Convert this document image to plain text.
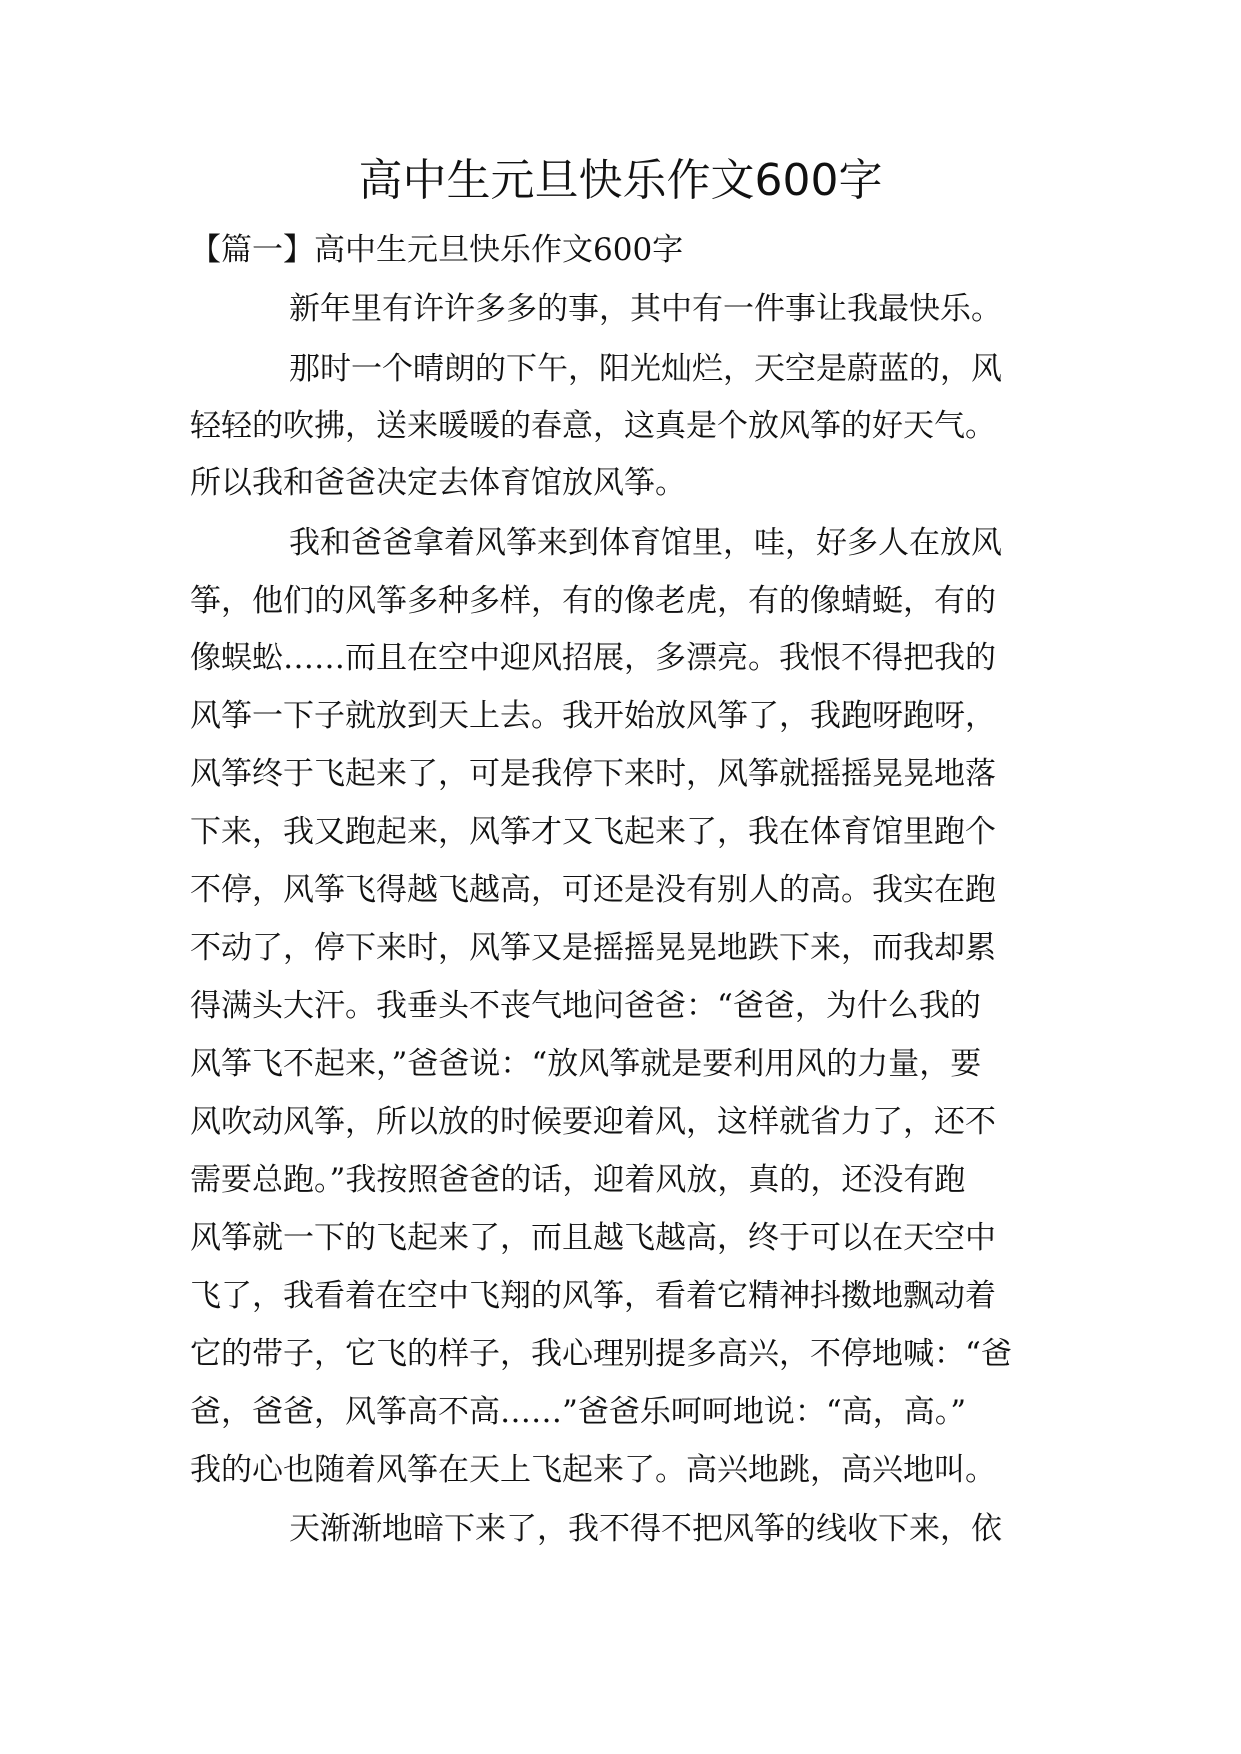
高中生元旦快乐作文600字
【篇一】高中生元旦快乐作文600字
新年里有许许多多的事，其中有一件事让我最快乐。
那时一个晴朗的下午，阳光灿烂，天空是蔚蓝的，风
轻轻的吹拂，送来暖暖的春意，这真是个放风筝的好天气。
所以我和爸爸决定去体育馆放风筝。
我和爸爸拿着风筝来到体育馆里，哇，好多人在放风
筝，他们的风筝多种多样，有的像老虎，有的像蜻蜓，有的
像蜈蚣……而且在空中迎风招展，多漂亮。我恨不得把我的
风筝一下子就放到天上去。我开始放风筝了，我跑呀跑呀，
风筝终于飞起来了，可是我停下来时，风筝就摇摇晃晃地落
下来，我又跑起来，风筝才又飞起来了，我在体育馆里跑个
不停，风筝飞得越飞越高，可还是没有别人的高。我实在跑
不动了，停下来时，风筝又是摇摇晃晃地跌下来，而我却累
得满头大汗。我垂头不丧气地问爸爸：“爸爸，为什么我的
风筝飞不起来，”爸爸说：“放风筝就是要利用风的力量，要
风吹动风筝，所以放的时候要迎着风，这样就省力了，还不
需要总跑。”我按照爸爸的话，迎着风放，真的，还没有跑
风筝就一下的飞起来了，而且越飞越高，终于可以在天空中
飞了，我看着在空中飞翔的风筝，看着它精神抖擞地飘动着
它的带子，它飞的样子，我心理别提多高兴，不停地喊：“爸
爸，爸爸，风筝高不高……”爸爸乐呵呵地说：“高，高。”
我的心也随着风筝在天上飞起来了。高兴地跳，高兴地叫。
天渐渐地暗下来了，我不得不把风筝的线收下来，依
